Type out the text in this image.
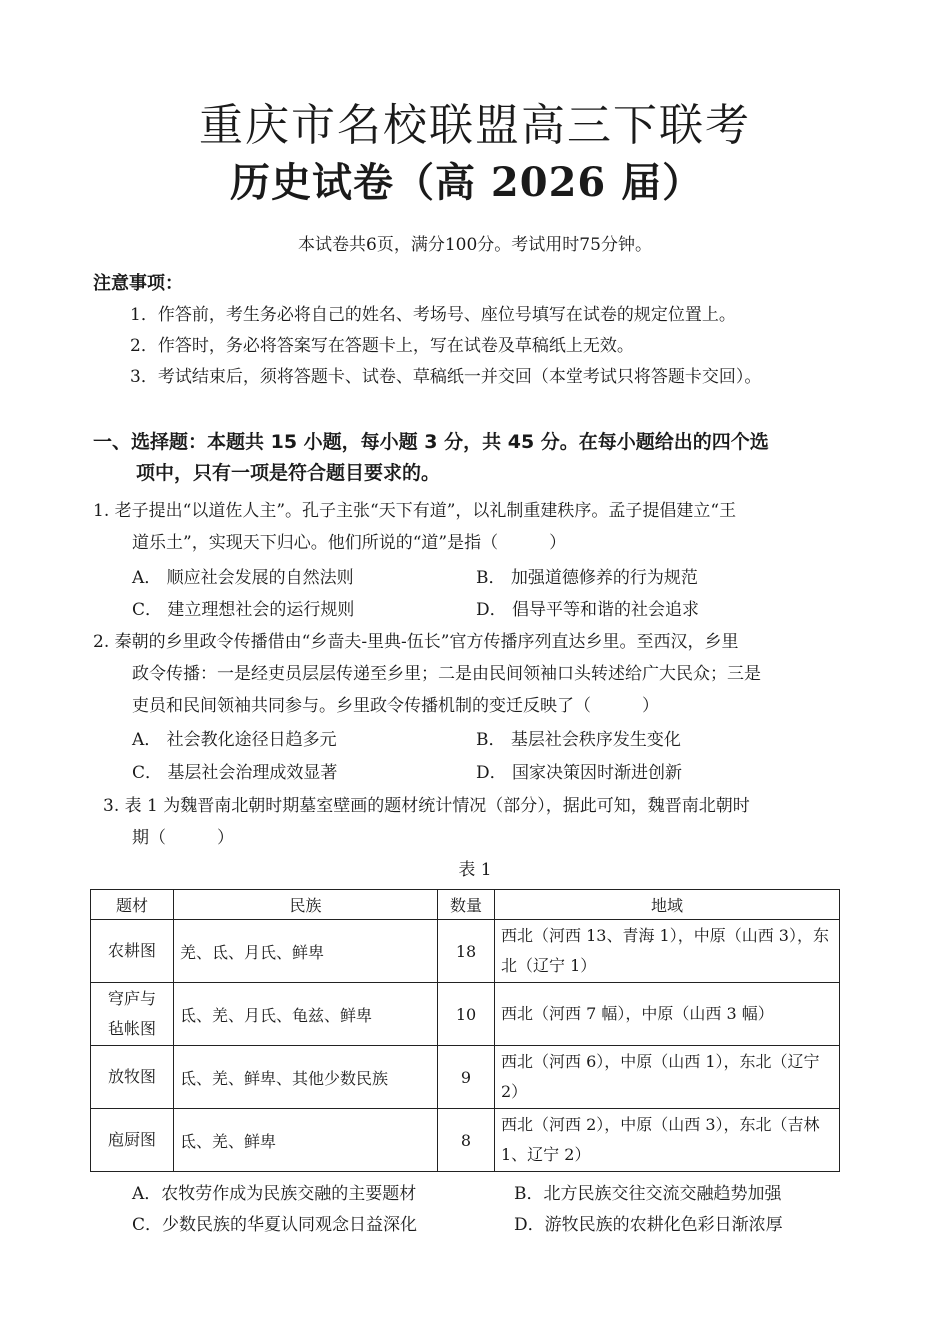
重庆市名校联盟高三下联考
历史试卷（高 2026 届）
本试卷共6页，满分100分。考试用时75分钟。
注意事项：
1．作答前，考生务必将自己的姓名、考场号、座位号填写在试卷的规定位置上。
2．作答时，务必将答案写在答题卡上，写在试卷及草稿纸上无效。
3．考试结束后，须将答题卡、试卷、草稿纸一并交回（本堂考试只将答题卡交回）。
一、选择题：本题共 15 小题，每小题 3 分，共 45 分。在每小题给出的四个选
项中，只有一项是符合题目要求的。
1. 老子提出“以道佐人主”。孔子主张“天下有道”，以礼制重建秩序。孟子提倡建立“王
道乐土”，实现天下归心。他们所说的“道”是指（　　　）
A． 顺应社会发展的自然法则	B． 加强道德修养的行为规范
C． 建立理想社会的运行规则	D． 倡导平等和谐的社会追求
2. 秦朝的乡里政令传播借由“乡啬夫-里典-伍长”官方传播序列直达乡里。至西汉，乡里
政令传播：一是经吏员层层传递至乡里；二是由民间领袖口头转述给广大民众；三是
吏员和民间领袖共同参与。乡里政令传播机制的变迁反映了（　　　）
A． 社会教化途径日趋多元	B． 基层社会秩序发生变化
C． 基层社会治理成效显著	D． 国家决策因时渐进创新
3. 表 1 为魏晋南北朝时期墓室壁画的题材统计情况（部分），据此可知，魏晋南北朝时
期（　　　）
表 1
题材	民族	数量	地域
农耕图	羌、氐、月氏、鲜卑	18	西北（河西 13、青海 1），中原（山西 3），东北（辽宁 1）
穹庐与毡帐图	氐、羌、月氏、龟兹、鲜卑	10	西北（河西 7 幅），中原（山西 3 幅）
放牧图	氐、羌、鲜卑、其他少数民族	9	西北（河西 6），中原（山西 1），东北（辽宁 2）
庖厨图	氐、羌、鲜卑	8	西北（河西 2），中原（山西 3），东北（吉林 1、辽宁 2）
A．农牧劳作成为民族交融的主要题材	B．北方民族交往交流交融趋势加强
C．少数民族的华夏认同观念日益深化	D．游牧民族的农耕化色彩日渐浓厚
